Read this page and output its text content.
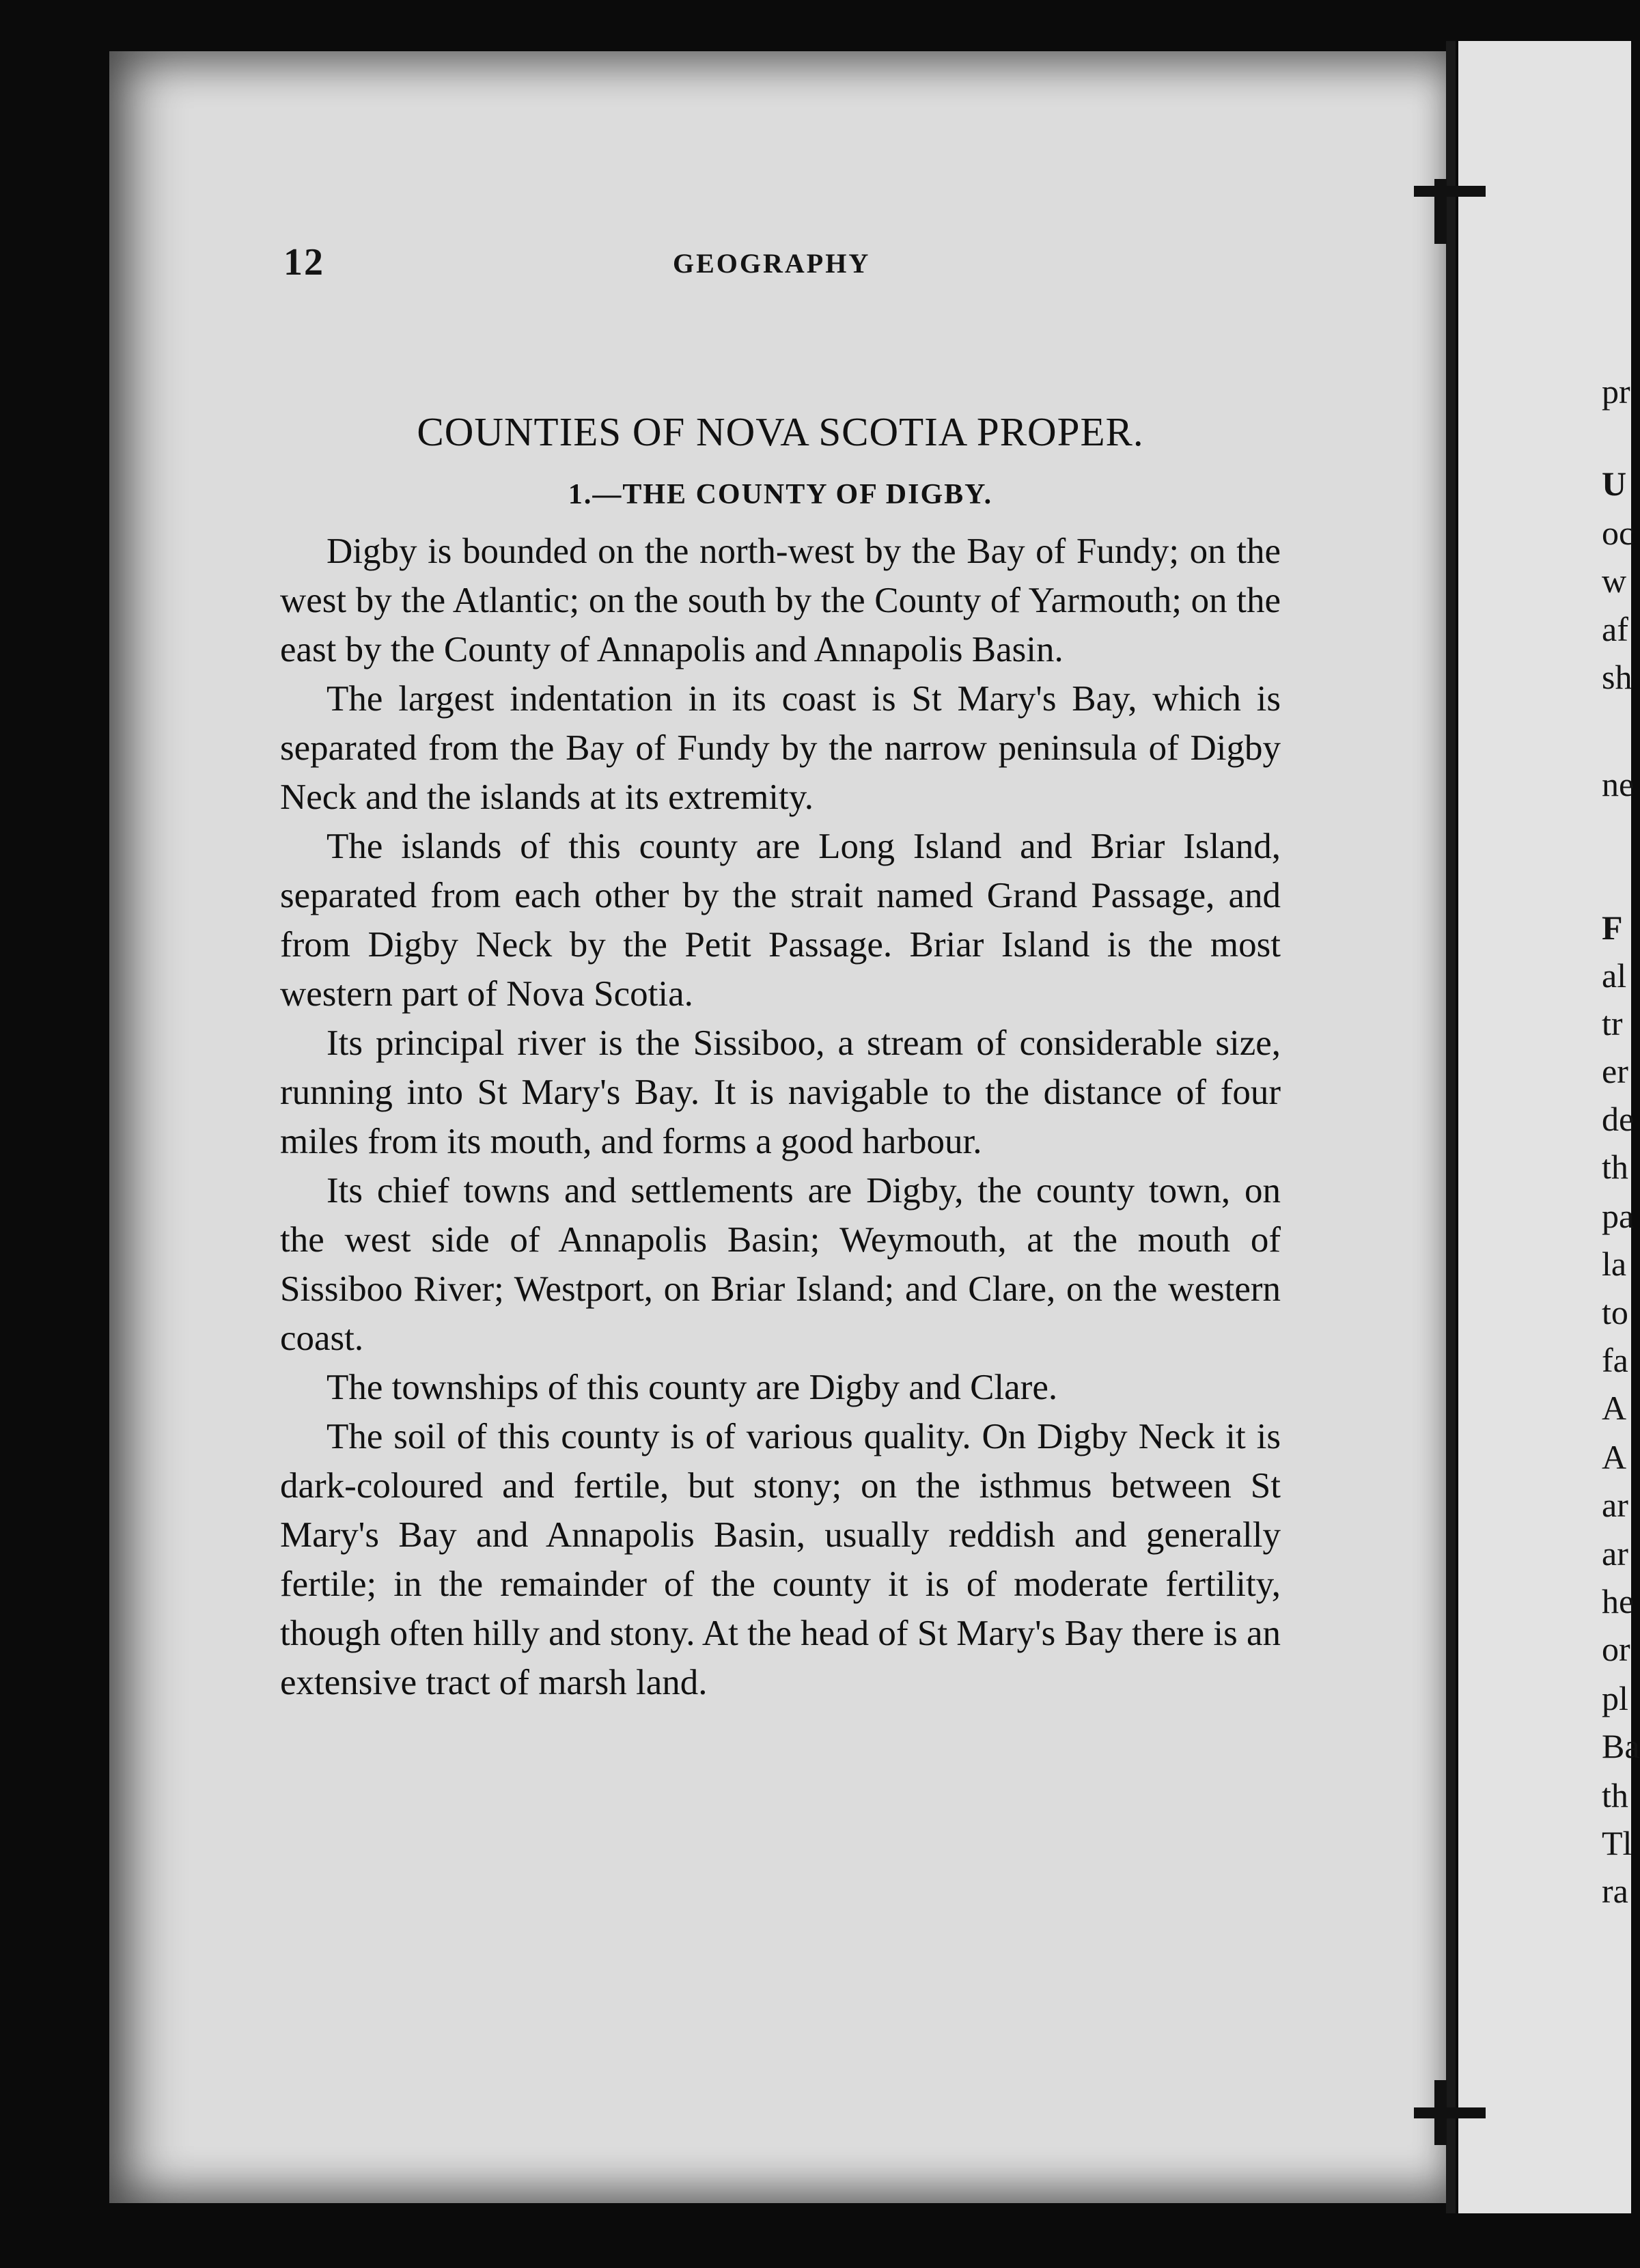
12	GEOGRAPHY
COUNTIES OF NOVA SCOTIA PROPER.
1.—THE COUNTY OF DIGBY.

Digby is bounded on the north-west by the Bay of Fundy; on the west by the Atlantic; on the south by the County of Yarmouth; on the east by the County of Annapolis and Annapolis Basin.

The largest indentation in its coast is St Mary's Bay, which is separated from the Bay of Fundy by the narrow peninsula of Digby Neck and the islands at its extremity.

The islands of this county are Long Island and Briar Island, separated from each other by the strait named Grand Passage, and from Digby Neck by the Petit Passage. Briar Island is the most western part of Nova Scotia.

Its principal river is the Sissiboo, a stream of considerable size, running into St Mary's Bay. It is navigable to the distance of four miles from its mouth, and forms a good harbour.

Its chief towns and settlements are Digby, the county town, on the west side of Annapolis Basin; Weymouth, at the mouth of Sissiboo River; Westport, on Briar Island; and Clare, on the western coast.

The townships of this county are Digby and Clare.

The soil of this county is of various quality. On Digby Neck it is dark-coloured and fertile, but stony; on the isthmus between St Mary's Bay and Annapolis Basin, usually reddish and generally fertile; in the remainder of the county it is of moderate fertility, though often hilly and stony. At the head of St Mary's Bay there is an extensive tract of marsh land.

pr
U
oc
w
af
sh
ne
F
al
tr
er
de
th
pa
la
to
fa
A
A
ar
ar
he
or
pl
Ba
th
Tl
ra
